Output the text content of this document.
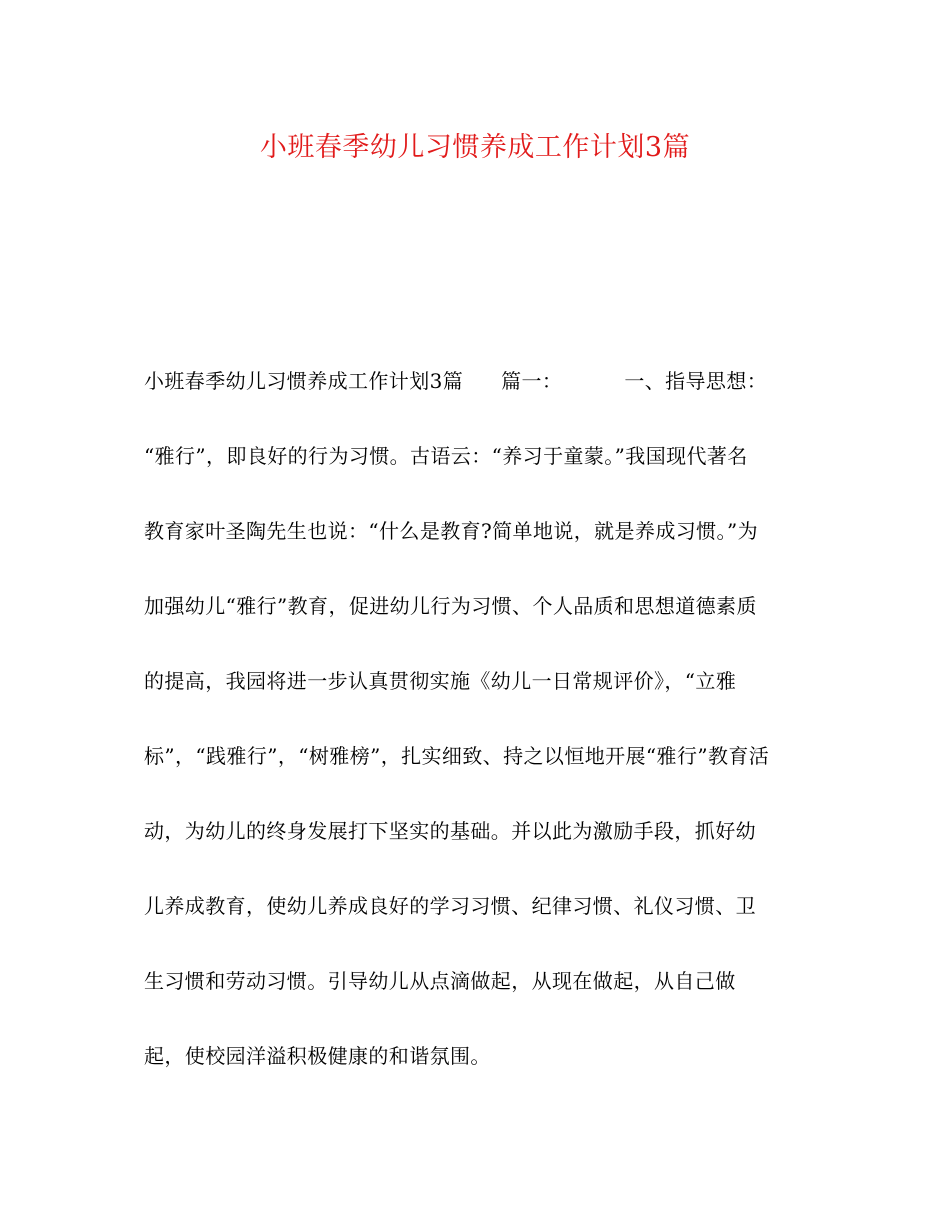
小班春季幼儿习惯养成工作计划3篇
小班春季幼儿习惯养成工作计划3篇 篇一：	一、指导思想：
“雅行”，即良好的行为习惯。古语云：“养习于童蒙。”我国现代著名
教育家叶圣陶先生也说：“什么是教育?简单地说，就是养成习惯。”为
加强幼儿“雅行”教育，促进幼儿行为习惯、个人品质和思想道德素质
的提高，我园将进一步认真贯彻实施《幼儿一日常规评价》，“立雅
标”，“践雅行”，“树雅榜”，扎实细致、持之以恒地开展“雅行”教育活
动，为幼儿的终身发展打下坚实的基础。并以此为激励手段，抓好幼
儿养成教育，使幼儿养成良好的学习习惯、纪律习惯、礼仪习惯、卫
生习惯和劳动习惯。引导幼儿从点滴做起，从现在做起，从自己做
起，使校园洋溢积极健康的和谐氛围。
